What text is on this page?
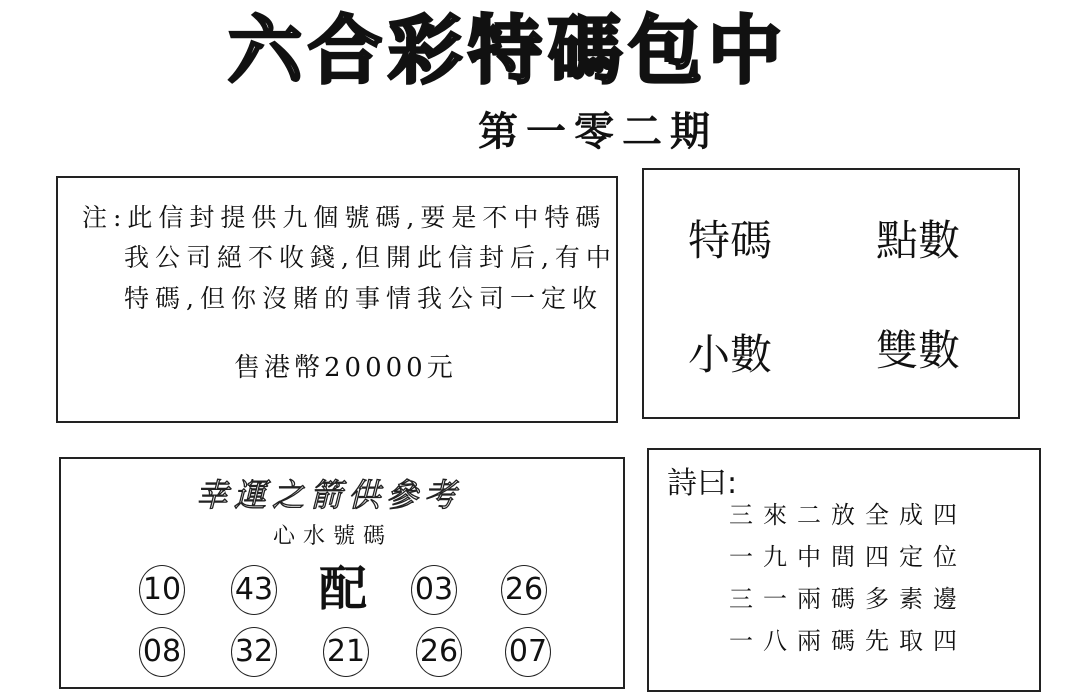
六合彩特碼包中
第一零二期
注:此信封提供九個號碼,要是不中特碼
我公司絕不收錢,但開此信封后,有中
特碼,但你沒賭的事情我公司一定收
售港幣20000元
特碼 點數
小數 雙數
幸運之箭供參考
心水號碼
10 43 配 03 26
08 32 21 26 07
詩曰:
三來二放全成四
一九中間四定位
三一兩碼多素邊
一八兩碼先取四
